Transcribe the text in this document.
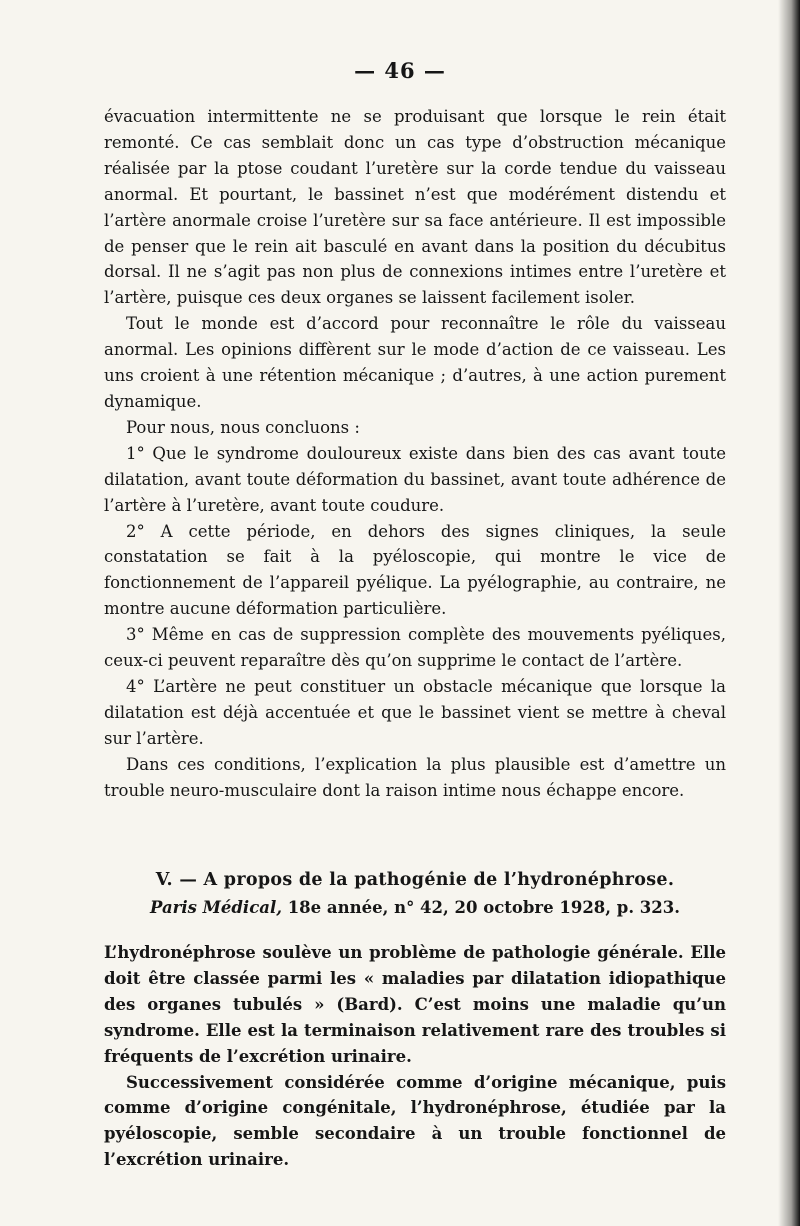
— 46 —

évacuation intermittente ne se produisant que lorsque le rein était remonté. Ce cas semblait donc un cas type d’obstruction mécanique réalisée par la ptose coudant l’uretère sur la corde tendue du vaisseau anormal. Et pourtant, le bassinet n’est que modérément distendu et l’artère anormale croise l’uretère sur sa face antérieure. Il est impossible de penser que le rein ait basculé en avant dans la position du décubitus dorsal. Il ne s’agit pas non plus de connexions intimes entre l’uretère et l’artère, puisque ces deux organes se laissent facilement isoler.

Tout le monde est d’accord pour reconnaître le rôle du vaisseau anormal. Les opinions diffèrent sur le mode d’action de ce vaisseau. Les uns croient à une rétention mécanique ; d’autres, à une action purement dynamique.

Pour nous, nous concluons :

1° Que le syndrome douloureux existe dans bien des cas avant toute dilatation, avant toute déformation du bassinet, avant toute adhérence de l’artère à l’uretère, avant toute coudure.

2° A cette période, en dehors des signes cliniques, la seule constatation se fait à la pyéloscopie, qui montre le vice de fonctionnement de l’appareil pyélique. La pyélographie, au contraire, ne montre aucune déformation particulière.

3° Même en cas de suppression complète des mouvements pyéliques, ceux-ci peuvent reparaître dès qu’on supprime le contact de l’artère.

4° L’artère ne peut constituer un obstacle mécanique que lorsque la dilatation est déjà accentuée et que le bassinet vient se mettre à cheval sur l’artère.

Dans ces conditions, l’explication la plus plausible est d’amettre un trouble neuro-musculaire dont la raison intime nous échappe encore.

V. — A propos de la pathogénie de l’hydronéphrose.
Paris Médical, 18e année, n° 42, 20 octobre 1928, p. 323.

L’hydronéphrose soulève un problème de pathologie générale. Elle doit être classée parmi les « maladies par dilatation idiopathique des organes tubulés » (Bard). C’est moins une maladie qu’un syndrome. Elle est la terminaison relativement rare des troubles si fréquents de l’excrétion urinaire.

Successivement considérée comme d’origine mécanique, puis comme d’origine congénitale, l’hydronéphrose, étudiée par la pyéloscopie, semble secondaire à un trouble fonctionnel de l’excrétion urinaire.
